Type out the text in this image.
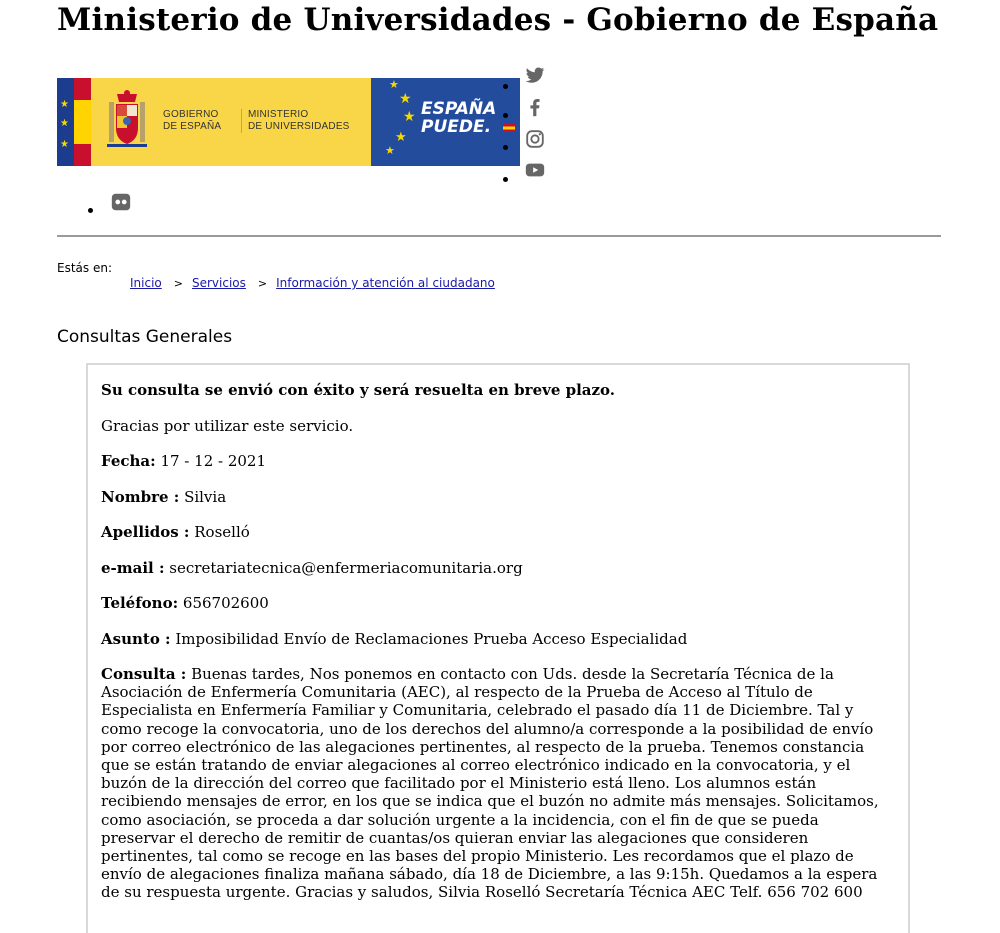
Ministerio de Universidades - Gobierno de España
★
★
★
GOBIERNO
DE ESPAÑA
MINISTERIO
DE UNIVERSIDADES
★
★
★
★
★
ESPAÑA
PUEDE.
Estás en:
Inicio > Servicios > Información y atención al ciudadano
Consultas Generales

Su consulta se envió con éxito y será resuelta en breve plazo.

Gracias por utilizar este servicio.

Fecha: 17 - 12 - 2021

Nombre : Silvia

Apellidos : Roselló

e-mail : secretariatecnica@enfermeriacomunitaria.org

Teléfono: 656702600

Asunto : Imposibilidad Envío de Reclamaciones Prueba Acceso Especialidad

Consulta : Buenas tardes, Nos ponemos en contacto con Uds. desde la Secretaría Técnica de la Asociación de Enfermería Comunitaria (AEC), al respecto de la Prueba de Acceso al Título de Especialista en Enfermería Familiar y Comunitaria, celebrado el pasado día 11 de Diciembre. Tal y como recoge la convocatoria, uno de los derechos del alumno/a corresponde a la posibilidad de envío por correo electrónico de las alegaciones pertinentes, al respecto de la prueba. Tenemos constancia que se están tratando de enviar alegaciones al correo electrónico indicado en la convocatoria, y el buzón de la dirección del correo que facilitado por el Ministerio está lleno. Los alumnos están recibiendo mensajes de error, en los que se indica que el buzón no admite más mensajes. Solicitamos, como asociación, se proceda a dar solución urgente a la incidencia, con el fin de que se pueda preservar el derecho de remitir de cuantas/os quieran enviar las alegaciones que consideren pertinentes, tal como se recoge en las bases del propio Ministerio. Les recordamos que el plazo de envío de alegaciones finaliza mañana sábado, día 18 de Diciembre, a las 9:15h. Quedamos a la espera de su respuesta urgente. Gracias y saludos, Silvia Roselló Secretaría Técnica AEC Telf. 656 702 600
